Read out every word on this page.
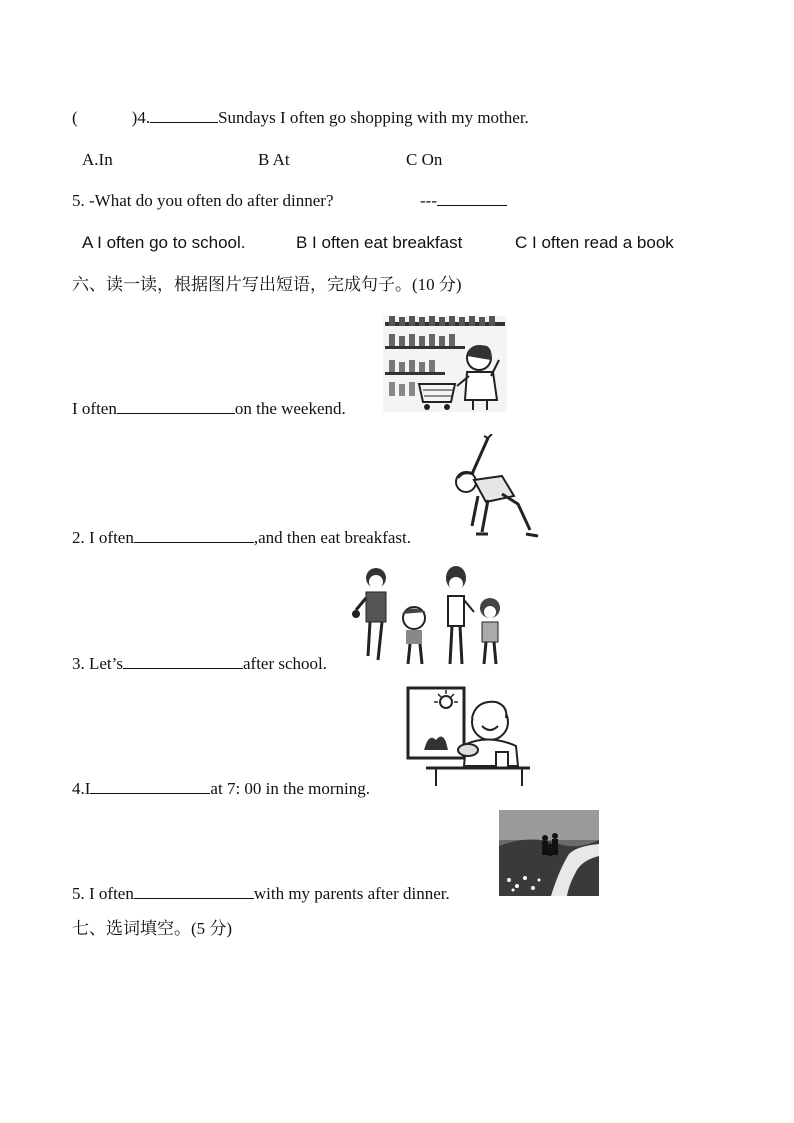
(	)4.	Sundays I often go shopping with my mother.
A.In	B At	C On
5. -What do you often do after dinner?	---
A I often go to school.	B I often eat breakfast	C I often read a book
六、读一读，根据图片写出短语，完成句子。(10 分)
I often	on the weekend.
2. I often	,and then eat breakfast.
3. Let’s	after school.
4.I	at 7: 00 in the morning.
5. I often	with my parents after dinner.
七、选词填空。(5 分)
